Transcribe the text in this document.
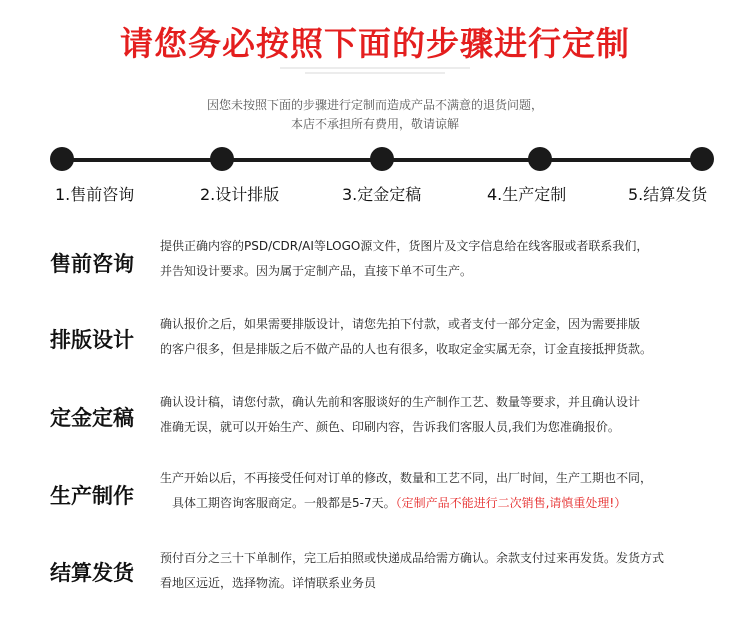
请您务必按照下面的步骤进行定制
因您未按照下面的步骤进行定制而造成产品不满意的退货问题，
本店不承担所有费用，敬请谅解
1.售前咨询	2.设计排版	3.定金定稿	4.生产定制	5.结算发货
售前咨询
提供正确内容的PSD/CDR/AI等LOGO源文件，货图片及文字信息给在线客服或者联系我们，
并告知设计要求。因为属于定制产品，直接下单不可生产。
排版设计
确认报价之后，如果需要排版设计，请您先拍下付款，或者支付一部分定金，因为需要排版
的客户很多，但是排版之后不做产品的人也有很多，收取定金实属无奈，订金直接抵押货款。
定金定稿
确认设计稿，请您付款，确认先前和客服谈好的生产制作工艺、数量等要求，并且确认设计
准确无误，就可以开始生产、颜色、印刷内容，告诉我们客服人员,我们为您准确报价。
生产制作
生产开始以后，不再接受任何对订单的修改，数量和工艺不同，出厂时间，生产工期也不同，
具体工期咨询客服商定。一般都是5-7天。（定制产品不能进行二次销售,请慎重处理!）
结算发货
预付百分之三十下单制作，完工后拍照或快递成品给需方确认。余款支付过来再发货。发货方式
看地区远近，选择物流。详情联系业务员
